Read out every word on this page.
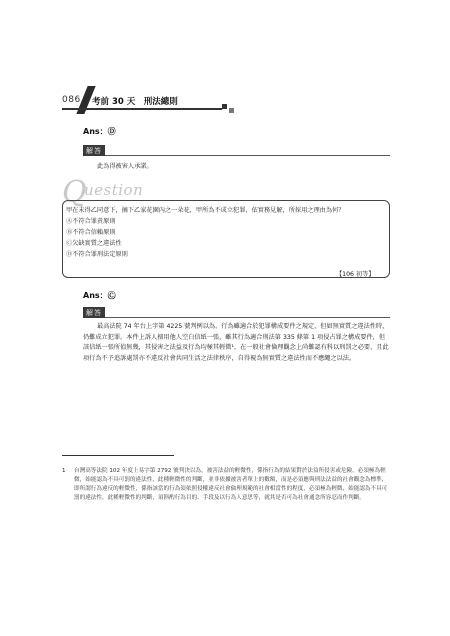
086 考前 30 天　刑法總則
Ans：Ⓓ
解答
此為得被害人承諾。
Q
uestion
甲在未得乙同意下，摘下乙家花園內之一朵花，甲所為不成立犯罪，依實務見解，所採用之理由為何？
Ⓐ不符合罪責原則
Ⓑ不符合信賴原則
Ⓒ欠缺實質之違法性
Ⓓ不符合罪刑法定原則
【106 初等】
Ans：Ⓒ
解答
最高法院 74 年台上字第 4225 號判例以為，行為雖適合於犯罪構成要件之規定，但如無實質之違法性時，仍難成立犯罪。本件上訴人擅用他人空白信紙一張，雖其行為適合刑法第 335 條第 1 項侵占罪之構成要件，但該信紙一張所值無幾，其侵害之法益及行為均極其輕微¹，在一般社會倫理觀念上尚難認有科以刑罰之必要，且此項行為不予追訴處罰亦不違反社會共同生活之法律秩序，自得視為無實質之違法性而不應繩之以法。
1 台灣高等法院 102 年度上易字第 2792 號判決以為，被害法益的輕微性，係指行為的結果對於法益所侵害或危險，必須極為輕微，始能認為不具可罰的違法性，此種輕微性的判斷，並非依據被害者單上的數額，而是必須應與刑法法益的社會觀念為標準，即所謂行為違反的輕微性，係指該當的行為須依照侵權違反社會倫理規範的社會相當性的程度，必須極為輕微，始能認為不具可罰的違法性，此種輕微性的判斷，須斟酌行為目的、手段及以行為人意思等，就其是否可為社會通念所容忍而作判斷。
